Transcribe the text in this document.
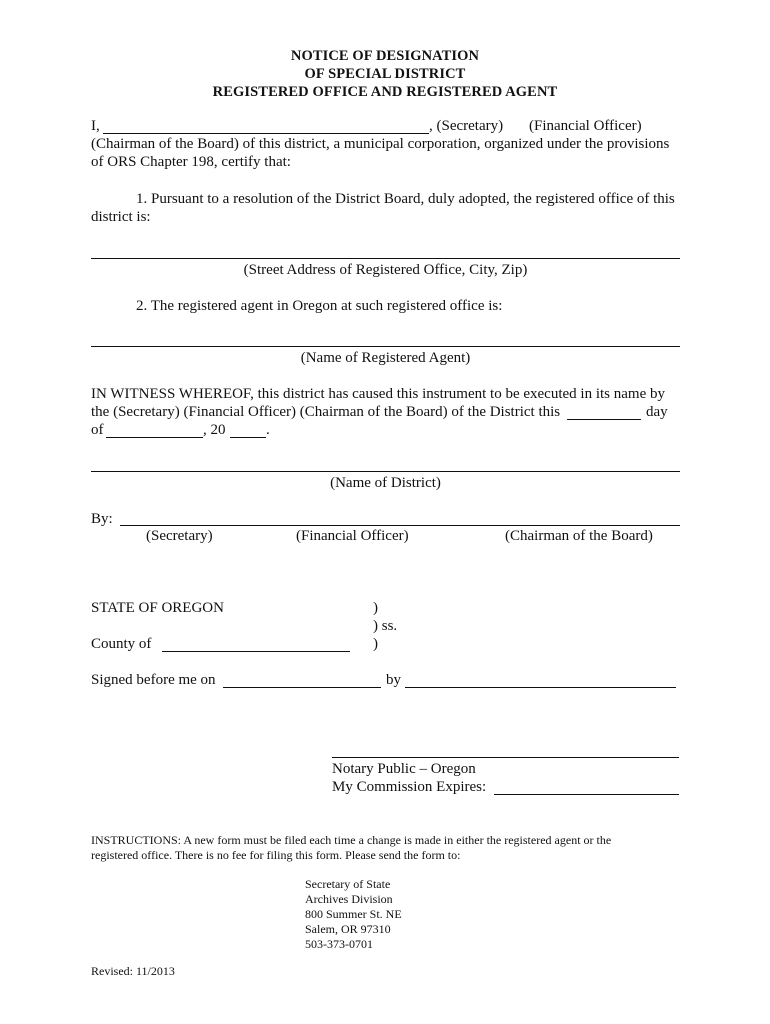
NOTICE OF DESIGNATION
OF SPECIAL DISTRICT
REGISTERED OFFICE AND REGISTERED AGENT
I,	, (Secretary) (Financial Officer)
(Chairman of the Board) of this district, a municipal corporation, organized under the provisions
of ORS Chapter 198, certify that:
1. Pursuant to a resolution of the District Board, duly adopted, the registered office of this
district is:
(Street Address of Registered Office, City, Zip)
2. The registered agent in Oregon at such registered office is:
(Name of Registered Agent)
IN WITNESS WHEREOF, this district has caused this instrument to be executed in its name by
the (Secretary) (Financial Officer) (Chairman of the Board) of the District this	day
of	, 20	.
(Name of District)
By:
(Secretary)	(Financial Officer)	(Chairman of the Board)
STATE OF OREGON	)
) ss.
)
County of
Signed before me on	by
Notary Public – Oregon
My Commission Expires:
INSTRUCTIONS: A new form must be filed each time a change is made in either the registered agent or the
registered office. There is no fee for filing this form. Please send the form to:
Secretary of State
Archives Division
800 Summer St. NE
Salem, OR 97310
503-373-0701
Revised: 11/2013
